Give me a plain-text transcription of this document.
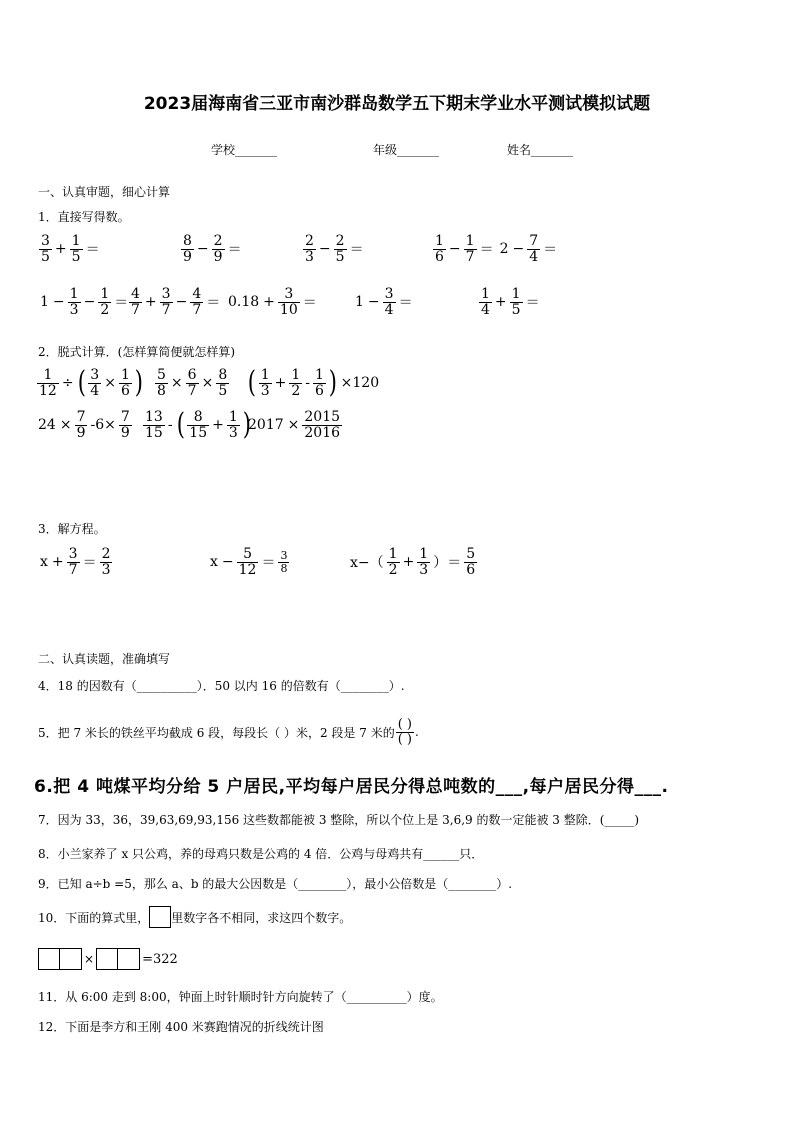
2023届海南省三亚市南沙群岛数学五下期末学业水平测试模拟试题
学校_______	年级_______	姓名_______
一、认真审题，细心计算
1．直接写得数。
$\frac{3}{5} + \frac{1}{5}$ ＝	$\frac{8}{9} - \frac{2}{9}$ ＝	$\frac{2}{3} - \frac{2}{5}$ ＝	$\frac{1}{6} - \frac{1}{7} = 2 - \frac{7}{4}$ ＝
$1 - \frac{1}{3} - \frac{1}{2} = \frac{4}{7} + \frac{3}{7} - \frac{4}{7} = 0.18 + \frac{3}{10}$ ＝	$1 - \frac{3}{4}$ ＝	$\frac{1}{4} + \frac{1}{5}$ ＝
2．脱式计算．(怎样算简便就怎样算)
$\frac{1}{12}$ ÷ ( $\frac{3}{4} \times \frac{1}{6}$ ) $\frac{5}{8} \times \frac{6}{7} \times \frac{8}{5}$ ( $\frac{1}{3} + \frac{1}{2} - \frac{1}{6}$ ) ×120
$24 \times \frac{7}{9} -6\times \frac{7}{9} \frac{13}{15}$ - ( $\frac{8}{15} + \frac{1}{3}$ )
$2017 \times \frac{2015}{2016}$
3．解方程。
$x + \frac{3}{7} = \frac{2}{3}$	$x - \frac{5}{12} = \frac{3}{8}$	$x-( \frac{1}{2} + \frac{1}{3}$ ）＝ $\frac{5}{6}$
二、认真读题，准确填写
4．18 的因数有（__________）．50 以内 16 的倍数有（________）.
5．把 7 米长的铁丝平均截成 6 段，每段长（ ）米，2 段是 7 米的 $\frac{( )}{( )}$ .
6.把 4 吨煤平均分给 5 户居民,平均每户居民分得总吨数的___,每户居民分得___.
7．因为 33，36，39,63,69,93,156 这些数都能被 3 整除，所以个位上是 3,6,9 的数一定能被 3 整除．(_____)
8．小兰家养了 x 只公鸡，养的母鸡只数是公鸡的 4 倍．公鸡与母鸡共有______只．
9．已知 a÷b =5，那么 a、b 的最大公因数是（________），最小公倍数是（________）.
10．下面的算式里， 里数字各不相同，求这四个数字。
×	=322
11．从 6:00 走到 8:00，钟面上时针顺时针方向旋转了（__________）度。
12．下面是李方和王刚 400 米赛跑情况的折线统计图
